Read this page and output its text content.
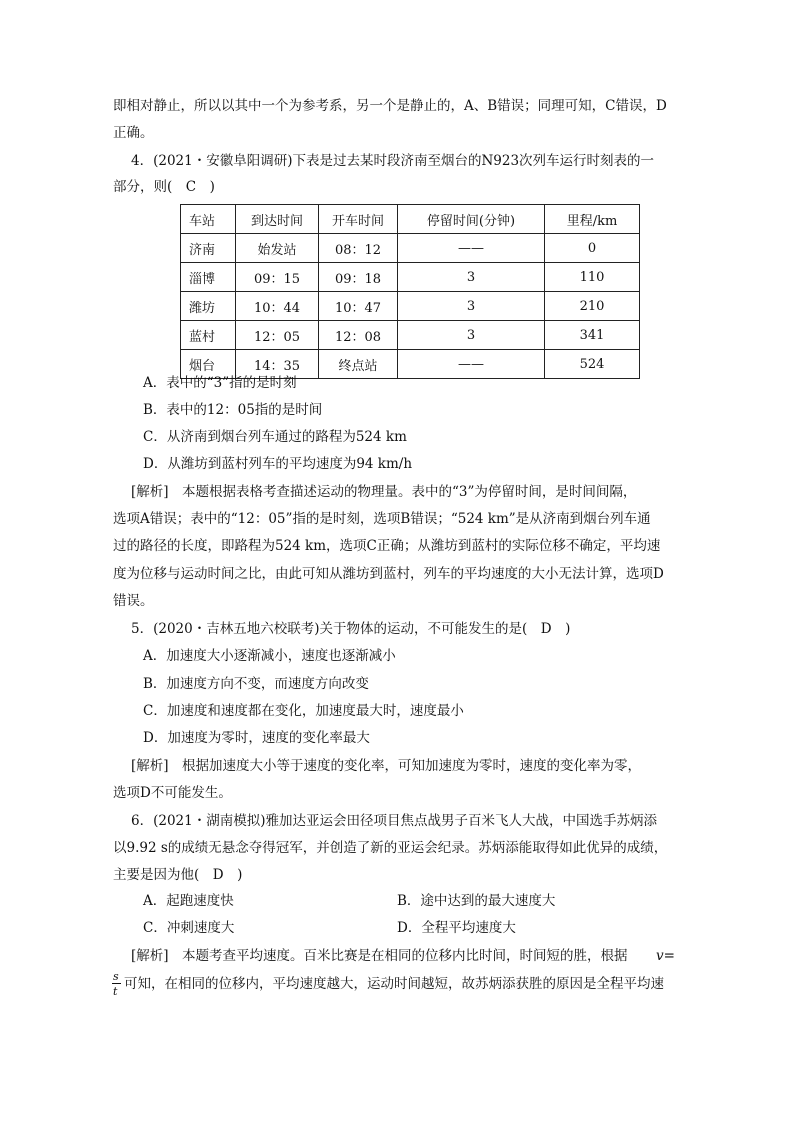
即相对静止，所以以其中一个为参考系，另一个是静止的，A、B错误；同理可知，C错误，D
正确。
4．(2021・安徽阜阳调研)下表是过去某时段济南至烟台的N923次列车运行时刻表的一
部分，则(　C　)
车站	到达时间	开车时间	停留时间(分钟)	里程/km
济南	始发站	08：12	——	0
淄博	09：15	09：18	3	110
潍坊	10：44	10：47	3	210
蓝村	12：05	12：08	3	341
烟台	14：35	终点站	——	524
A．表中的“3”指的是时刻
B．表中的12：05指的是时间
C．从济南到烟台列车通过的路程为524 km
D．从潍坊到蓝村列车的平均速度为94 km/h
[解析]　本题根据表格考查描述运动的物理量。表中的“3”为停留时间，是时间间隔，
选项A错误；表中的“12：05”指的是时刻，选项B错误；“524 km”是从济南到烟台列车通
过的路径的长度，即路程为524 km，选项C正确；从潍坊到蓝村的实际位移不确定，平均速
度为位移与运动时间之比，由此可知从潍坊到蓝村，列车的平均速度的大小无法计算，选项D
错误。
5．(2020・吉林五地六校联考)关于物体的运动，不可能发生的是(　D　)
A．加速度大小逐渐减小，速度也逐渐减小
B．加速度方向不变，而速度方向改变
C．加速度和速度都在变化，加速度最大时，速度最小
D．加速度为零时，速度的变化率最大
[解析]　根据加速度大小等于速度的变化率，可知加速度为零时，速度的变化率为零，
选项D不可能发生。
6．(2021・湖南模拟)雅加达亚运会田径项目焦点战男子百米飞人大战，中国选手苏炳添
以9.92 s的成绩无悬念夺得冠军，并创造了新的亚运会纪录。苏炳添能取得如此优异的成绩，
主要是因为他(　D　)
A．起跑速度快	B．途中达到的最大速度大
C．冲刺速度大	D．全程平均速度大
[解析]　本题考查平均速度。百米比赛是在相同的位移内比时间，时间短的胜，根据 v=
s
t 可知，在相同的位移内，平均速度越大，运动时间越短，故苏炳添获胜的原因是全程平均速
